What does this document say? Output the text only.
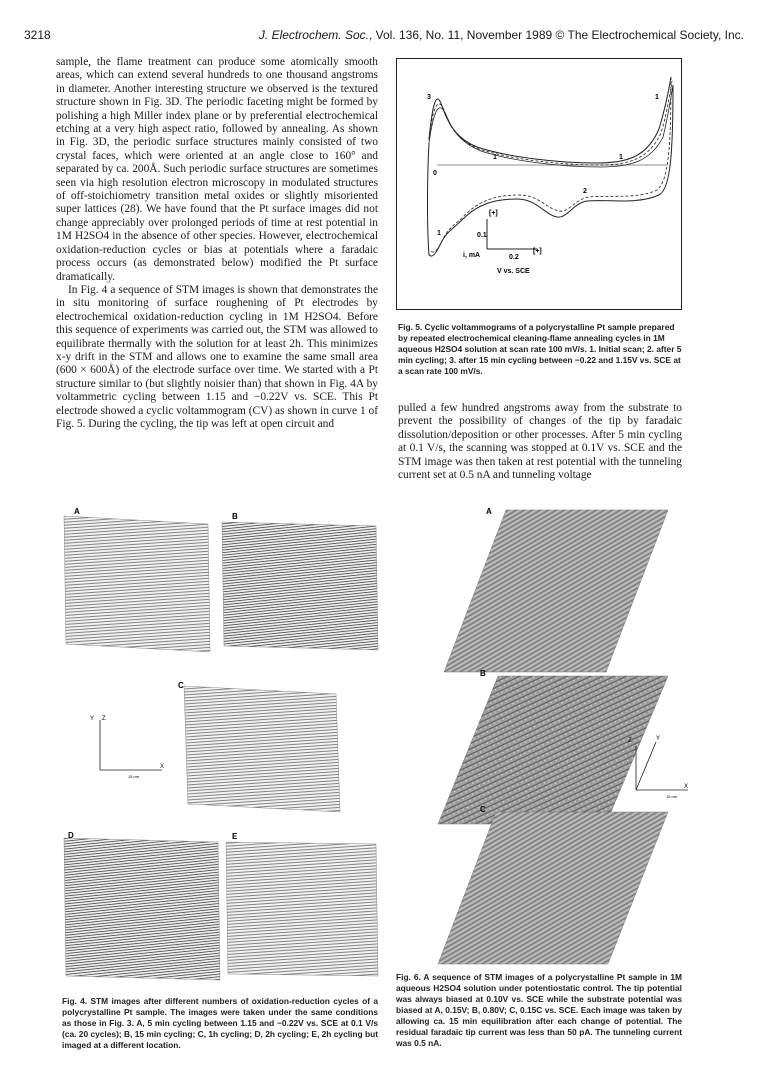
3218	J. Electrochem. Soc., Vol. 136, No. 11, November 1989 © The Electrochemical Society, Inc.

sample, the flame treatment can produce some atomically smooth areas, which can extend several hundreds to one thousand angstroms in diameter. Another interesting structure we observed is the textured structure shown in Fig. 3D. The periodic faceting might be formed by polishing a high Miller index plane or by preferential electrochemical etching at a very high aspect ratio, followed by annealing. As shown in Fig. 3D, the periodic surface structures mainly consisted of two crystal faces, which were oriented at an angle close to 160° and separated by ca. 200Å. Such periodic surface structures are sometimes seen via high resolution electron microscopy in modulated structures of off-stoichiometry transition metal oxides or slightly misoriented super lattices (28). We have found that the Pt surface images did not change appreciably over prolonged periods of time at rest potential in 1M H2SO4 in the absence of other species. However, electrochemical oxidation-reduction cycles or bias at potentials where a faradaic process occurs (as demonstrated below) modified the Pt surface dramatically.

In Fig. 4 a sequence of STM images is shown that demonstrates the in situ monitoring of surface roughening of Pt electrodes by electrochemical oxidation-reduction cycling in 1M H2SO4. Before this sequence of experiments was carried out, the STM was allowed to equilibrate thermally with the solution for at least 2h. This minimizes x-y drift in the STM and allows one to examine the same small area (600 × 600Å) of the electrode surface over time. We started with a Pt structure similar to (but slightly noisier than) that shown in Fig. 4A by voltammetric cycling between 1.15 and −0.22V vs. SCE. This Pt electrode showed a cyclic voltammogram (CV) as shown in curve 1 of Fig. 5. During the cycling, the tip was left at open circuit and

0.1
i, mA	0.2
[+]
[+]
V vs. SCE
0
3
1	1
2
1
1
Fig. 5. Cyclic voltammograms of a polycrystalline Pt sample prepared by repeated electrochemical cleaning-flame annealing cycles in 1M aqueous H2SO4 solution at scan rate 100 mV/s. 1. Initial scan; 2. after 5 min cycling; 3. after 15 min cycling between −0.22 and 1.15V vs. SCE at a scan rate 100 mV/s.

pulled a few hundred angstroms away from the substrate to prevent the possibility of changes of the tip by faradaic dissolution/deposition or other processes. After 5 min cycling at 0.1 V/s, the scanning was stopped at 0.1V vs. SCE and the STM image was then taken at rest potential with the tunneling current set at 0.5 nA and tunneling voltage

A
B
C
Y Z
X
15 nm
D	E
A
B
Z	Y
X
15 nm
C
Fig. 4. STM images after different numbers of oxidation-reduction cycles of a polycrystalline Pt sample. The images were taken under the same conditions as those in Fig. 3. A, 5 min cycling between 1.15 and −0.22V vs. SCE at 0.1 V/s (ca. 20 cycles); B, 15 min cycling; C, 1h cycling; D, 2h cycling; E, 2h cycling but imaged at a different location.
Fig. 6. A sequence of STM images of a polycrystalline Pt sample in 1M aqueous H2SO4 solution under potentiostatic control. The tip potential was always biased at 0.10V vs. SCE while the substrate potential was biased at A, 0.15V; B, 0.80V; C, 0.15C vs. SCE. Each image was taken by allowing ca. 15 min equilibration after each change of potential. The residual faradaic tip current was less than 50 pA. The tunneling current was 0.5 nA.
